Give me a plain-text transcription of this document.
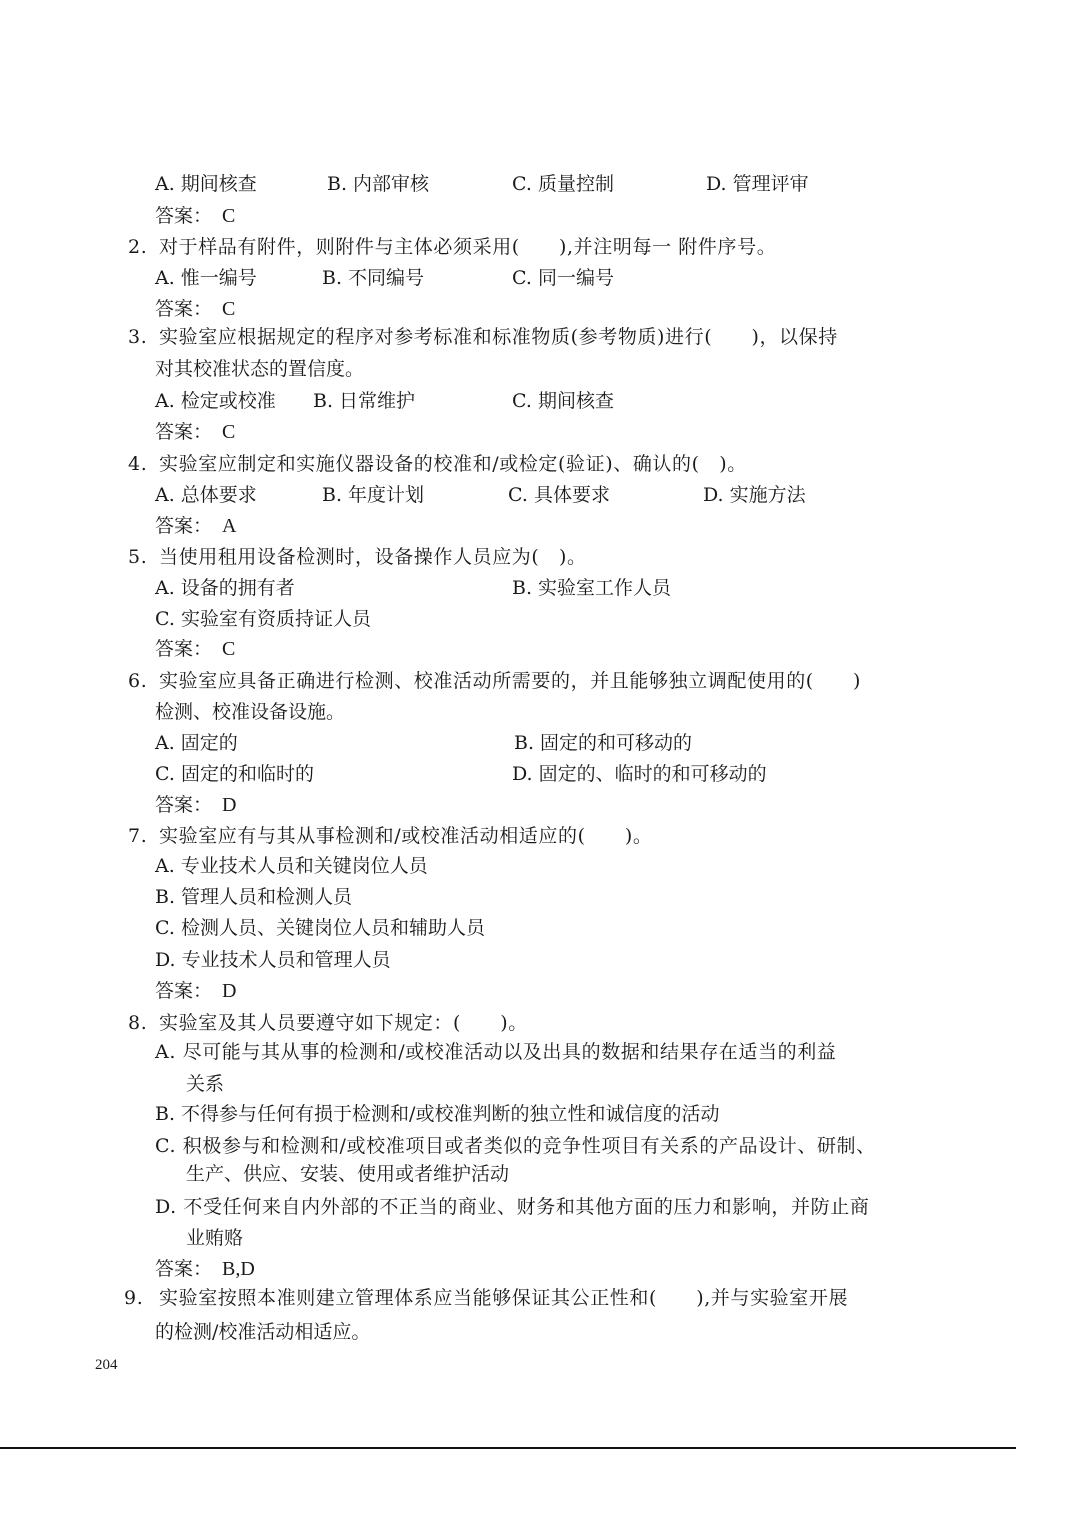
A. 期间核查	B. 内部审核	C. 质量控制	D. 管理评审
答案： C
2. 对于样品有附件，则附件与主体必须采用(　　),并注明每一 附件序号。
A. 惟一编号	B. 不同编号	C. 同一编号
答案： C
3. 实验室应根据规定的程序对参考标准和标准物质(参考物质)进行(　　)，以保持
对其校准状态的置信度。
A. 检定或校准 B. 日常维护	C. 期间核查
答案： C
4. 实验室应制定和实施仪器设备的校准和/或检定(验证)、确认的(　)。
A. 总体要求	B. 年度计划	C. 具体要求	D. 实施方法
答案： A
5. 当使用租用设备检测时，设备操作人员应为(　)。
A. 设备的拥有者	B. 实验室工作人员
C. 实验室有资质持证人员
答案： C
6. 实验室应具备正确进行检测、校准活动所需要的，并且能够独立调配使用的(　　)
检测、校准设备设施。
A. 固定的	B. 固定的和可移动的
C. 固定的和临时的	D. 固定的、临时的和可移动的
答案： D
7. 实验室应有与其从事检测和/或校准活动相适应的(　　)。
A. 专业技术人员和关键岗位人员
B. 管理人员和检测人员
C. 检测人员、关键岗位人员和辅助人员
D. 专业技术人员和管理人员
答案： D
8. 实验室及其人员要遵守如下规定：(　　)。
A. 尽可能与其从事的检测和/或校准活动以及出具的数据和结果存在适当的利益
关系
B. 不得参与任何有损于检测和/或校准判断的独立性和诚信度的活动
C. 积极参与和检测和/或校准项目或者类似的竞争性项目有关系的产品设计、研制、
生产、供应、安装、使用或者维护活动
D. 不受任何来自内外部的不正当的商业、财务和其他方面的压力和影响，并防止商
业贿赂
答案： B,D
9. 实验室按照本准则建立管理体系应当能够保证其公正性和(　　),并与实验室开展
的检测/校准活动相适应。
204
